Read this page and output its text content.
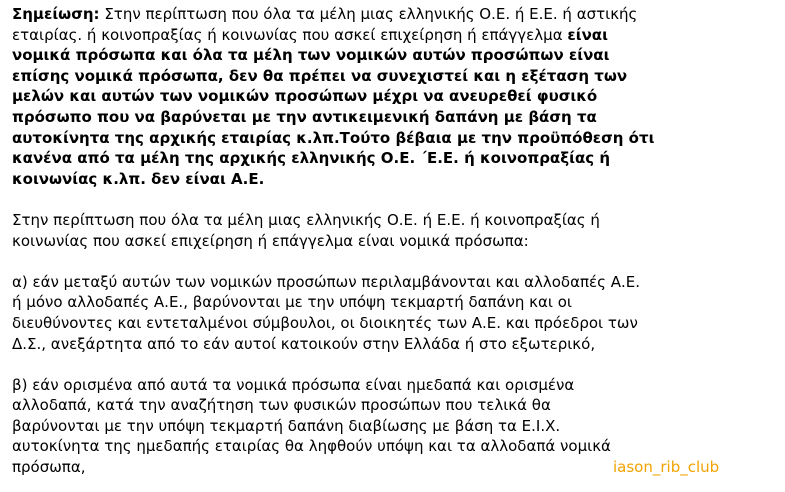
Σημείωση: Στην περίπτωση που όλα τα μέλη μιας ελληνικής Ο.Ε. ή Ε.Ε. ή αστικής
εταιρίας. ή κοινοπραξίας ή κοινωνίας που ασκεί επιχείρηση ή επάγγελμα είναι
νομικά πρόσωπα και όλα τα μέλη των νομικών αυτών προσώπων είναι
επίσης νομικά πρόσωπα, δεν θα πρέπει να συνεχιστεί και η εξέταση των
μελών και αυτών των νομικών προσώπων μέχρι να ανευρεθεί φυσικό
πρόσωπο που να βαρύνεται με την αντικειμενική δαπάνη με βάση τα
αυτοκίνητα της αρχικής εταιρίας κ.λπ.Τούτο βέβαια με την προϋπόθεση ότι
κανένα από τα μέλη της αρχικής ελληνικής Ο.Ε. ΄Ε.Ε. ή κοινοπραξίας ή
κοινωνίας κ.λπ. δεν είναι Α.Ε.
Στην περίπτωση που όλα τα μέλη μιας ελληνικής Ο.Ε. ή Ε.Ε. ή κοινοπραξίας ή
κοινωνίας που ασκεί επιχείρηση ή επάγγελμα είναι νομικά πρόσωπα:
α) εάν μεταξύ αυτών των νομικών προσώπων περιλαμβάνονται και αλλοδαπές Α.Ε.
ή μόνο αλλοδαπές Α.Ε., βαρύνονται με την υπόψη τεκμαρτή δαπάνη και οι
διευθύνοντες και εντεταλμένοι σύμβουλοι, οι διοικητές των Α.Ε. και πρόεδροι των
Δ.Σ., ανεξάρτητα από το εάν αυτοί κατοικούν στην Ελλάδα ή στο εξωτερικό,
β) εάν ορισμένα από αυτά τα νομικά πρόσωπα είναι ημεδαπά και ορισμένα
αλλοδαπά, κατά την αναζήτηση των φυσικών προσώπων που τελικά θα
βαρύνονται με την υπόψη τεκμαρτή δαπάνη διαβίωσης με βάση τα Ε.Ι.Χ.
αυτοκίνητα της ημεδαπής εταιρίας θα ληφθούν υπόψη και τα αλλοδαπά νομικά
πρόσωπα,	iason_rib_club
